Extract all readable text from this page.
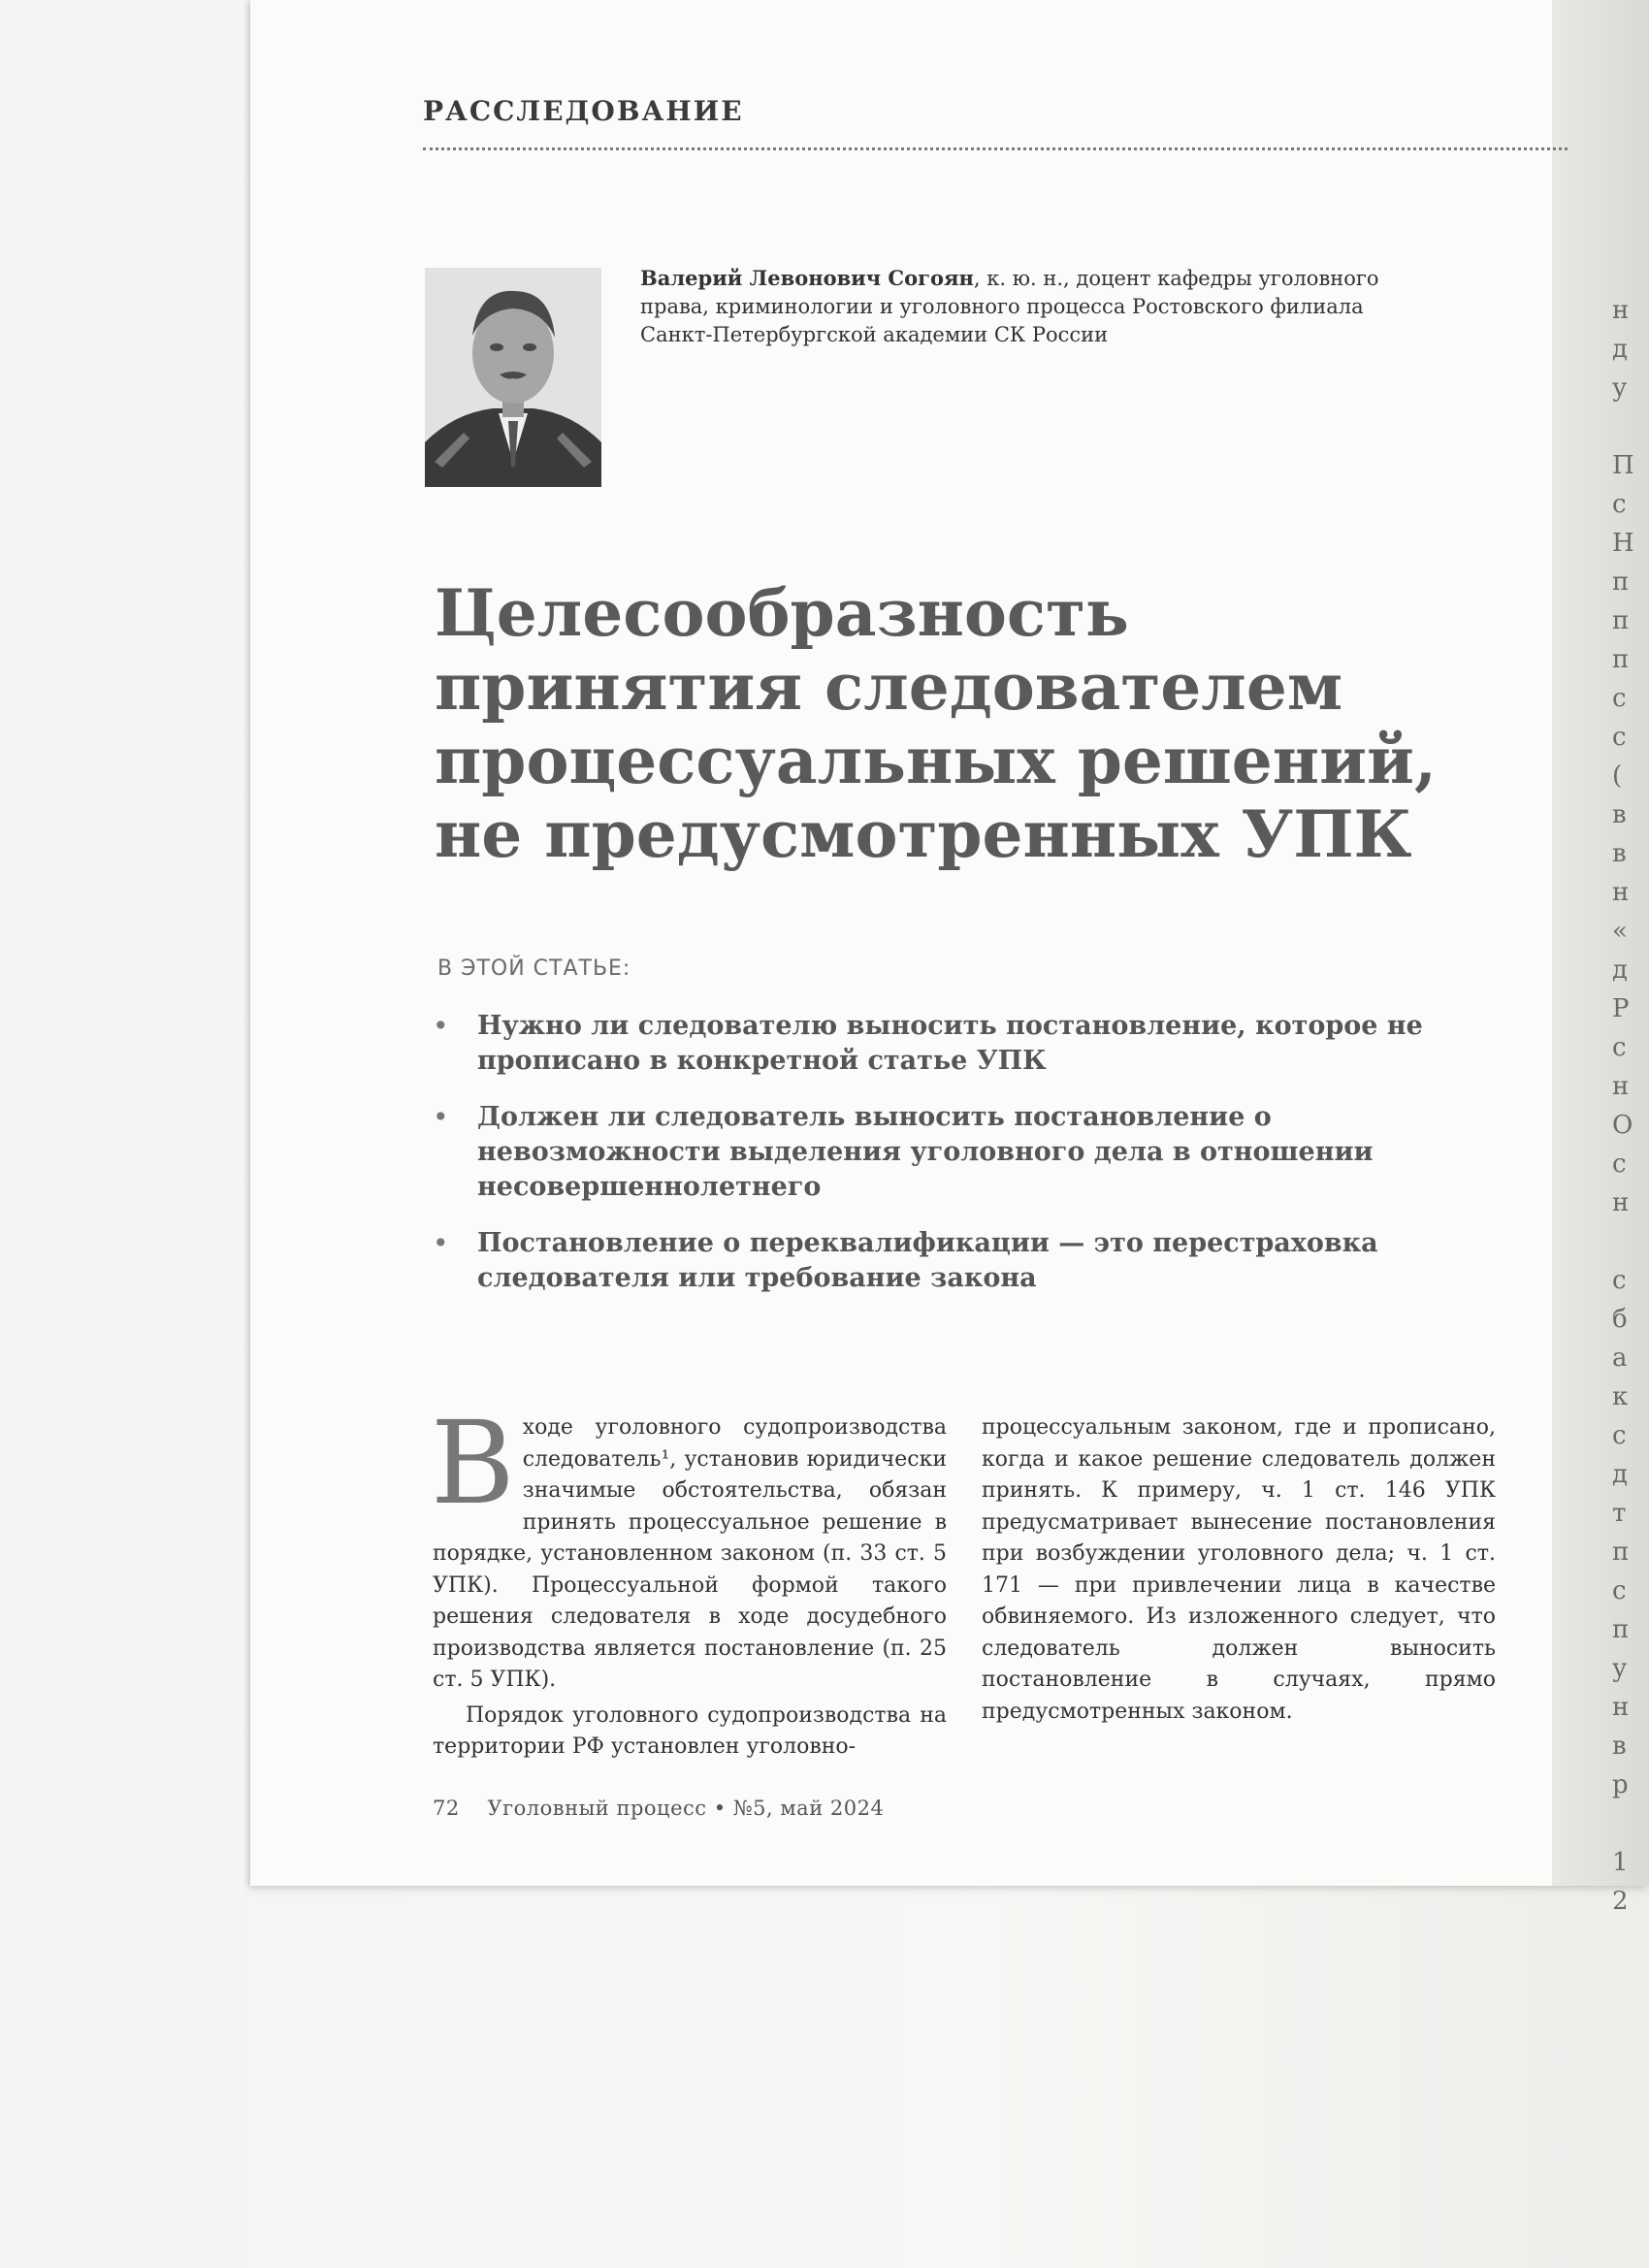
н
д
у

П
с
Н
п
п
п
с
с
(
в
в
н
«
д
Р
с
н
О
с
н

с
б
а
к
с
д
т
п
с
п
у
н
в
р

1
2
РАССЛЕДОВАНИЕ
Валерий Левонович Согоян, к. ю. н., доцент кафедры уголовного права, криминологии и уголовного процесса Ростовского филиала Санкт-Петербургской академии СК России
Целесообразность принятия следователем процессуальных решений, не предусмотренных УПК
В ЭТОЙ СТАТЬЕ:
• Нужно ли следователю выносить постановление, которое не прописано в конкретной статье УПК
• Должен ли следователь выносить постановление о невозможности выделения уголовного дела в отношении несовершеннолетнего
• Постановление о переквалификации — это перестраховка следователя или требование закона

Входе уголовного судопроизводства следователь¹, установив юридически значимые обстоятельства, обязан принять процессуальное решение в порядке, установленном законом (п. 33 ст. 5 УПК). Процессуальной формой такого решения следователя в ходе досудебного производства является постановление (п. 25 ст. 5 УПК).

Порядок уголовного судопроизводства на территории РФ установлен уголовно-

процессуальным законом, где и прописано, когда и какое решение следователь должен принять. К примеру, ч. 1 ст. 146 УПК предусматривает вынесение постановления при возбуждении уголовного дела; ч. 1 ст. 171 — при привлечении лица в качестве обвиняемого. Из изложенного следует, что следователь должен выносить постановление в случаях, прямо предусмотренных законом.

72 Уголовный процесс • №5, май 2024
